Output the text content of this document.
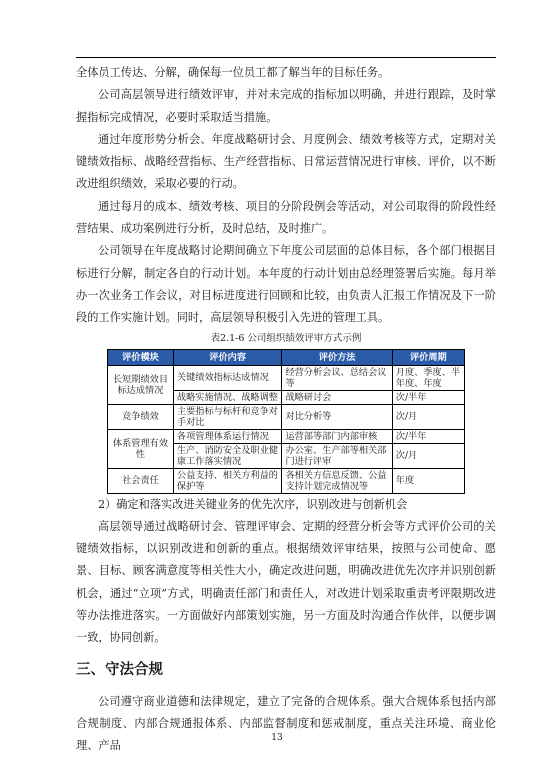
全体员工传达、分解，确保每一位员工都了解当年的目标任务。

公司高层领导进行绩效评审，并对未完成的指标加以明确，并进行跟踪，及时掌握指标完成情况，必要时采取适当措施。

通过年度形势分析会、年度战略研讨会、月度例会、绩效考核等方式，定期对关键绩效指标、战略经营指标、生产经营指标、日常运营情况进行审核、评价，以不断改进组织绩效，采取必要的行动。

通过每月的成本、绩效考核、项目的分阶段例会等活动，对公司取得的阶段性经营结果、成功案例进行分析，及时总结，及时推广。

公司领导在年度战略讨论期间确立下年度公司层面的总体目标，各个部门根据目标进行分解，制定各自的行动计划。本年度的行动计划由总经理签署后实施。每月举办一次业务工作会议，对目标进度进行回顾和比较，由负责人汇报工作情况及下一阶段的工作实施计划。同时，高层领导积极引入先进的管理工具。

表2.1-6 公司组织绩效评审方式示例
评价模块	评价内容	评价方法	评价周期
长短期绩效目标达成情况	关键绩效指标达成情况	经营分析会议、总结会议等	月度、季度、半年度、年度
	战略实施情况、战略调整	战略研讨会	次/半年
竞争绩效	主要指标与标杆和竞争对手对比	对比分析等	次/月
体系管理有效性	各项管理体系运行情况	运营部等部门内部审核	次/半年
	生产、消防安全及职业健康工作落实情况	办公室、生产部等相关部门进行评审	次/月
社会责任	公益支持、相关方利益的保护等	各相关方信息反馈、公益支持计划完成情况等	年度

2）确定和落实改进关键业务的优先次序，识别改进与创新机会

高层领导通过战略研讨会、管理评审会、定期的经营分析会等方式评价公司的关键绩效指标，以识别改进和创新的重点。根据绩效评审结果，按照与公司使命、愿景、目标、顾客满意度等相关性大小，确定改进问题，明确改进优先次序并识别创新机会，通过“立项”方式，明确责任部门和责任人，对改进计划采取重责考评限期改进等办法推进落实。一方面做好内部策划实施，另一方面及时沟通合作伙伴，以便步调一致，协同创新。

三、守法合规

公司遵守商业道德和法律规定，建立了完备的合规体系。强大合规体系包括内部合规制度、内部合规通报体系、内部监督制度和惩戒制度，重点关注环境、商业伦理、产品

13
